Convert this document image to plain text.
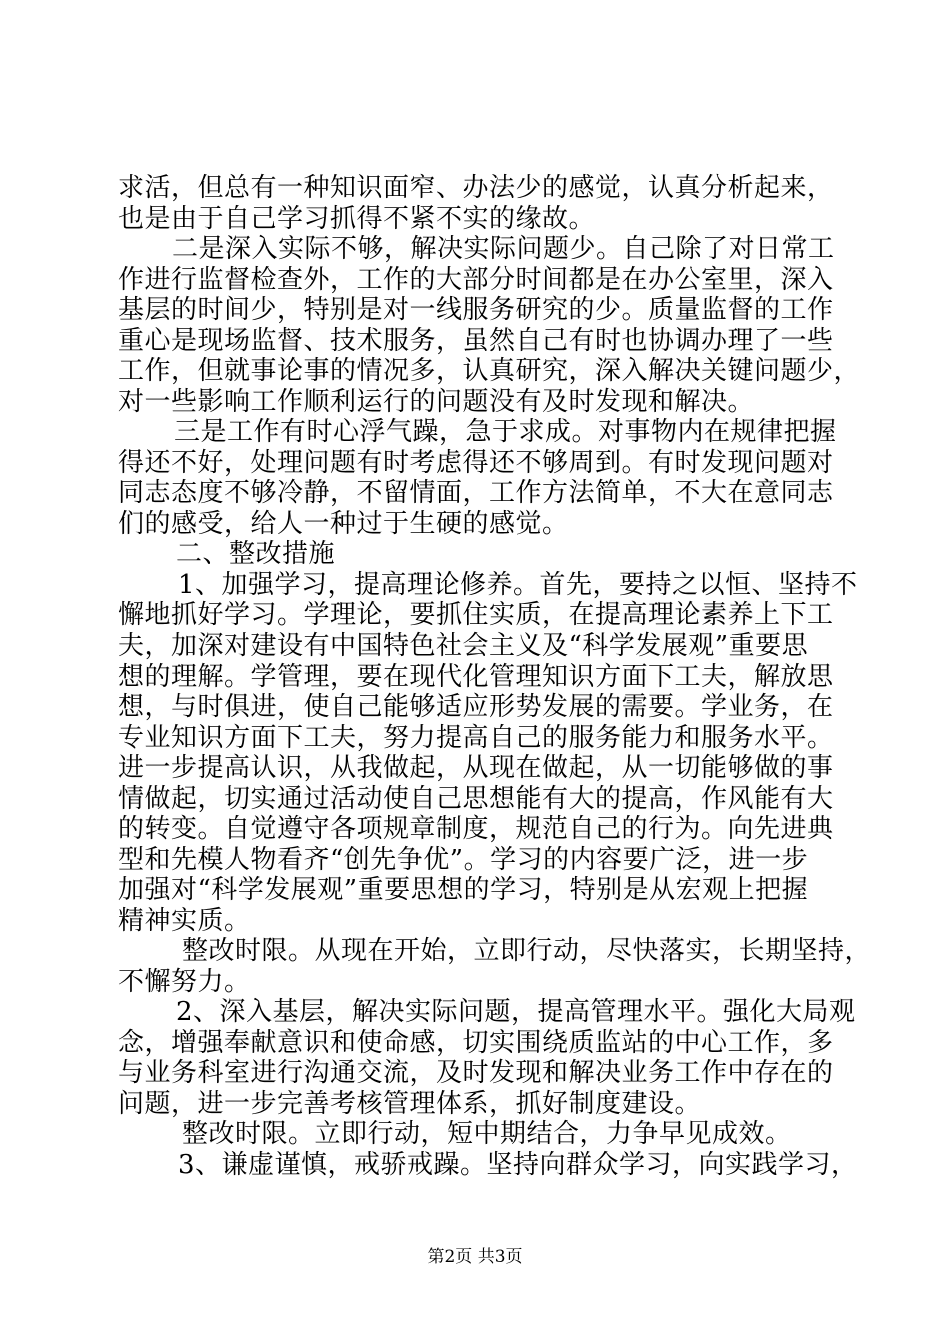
求活，但总有一种知识面窄、办法少的感觉，认真分析起来，
也是由于自己学习抓得不紧不实的缘故。
二是深入实际不够，解决实际问题少。自己除了对日常工
作进行监督检查外，工作的大部分时间都是在办公室里，深入
基层的时间少，特别是对一线服务研究的少。质量监督的工作
重心是现场监督、技术服务，虽然自己有时也协调办理了一些
工作，但就事论事的情况多，认真研究，深入解决关键问题少，
对一些影响工作顺利运行的问题没有及时发现和解决。
三是工作有时心浮气躁，急于求成。对事物内在规律把握
得还不好，处理问题有时考虑得还不够周到。有时发现问题对
同志态度不够冷静，不留情面，工作方法简单，不大在意同志
们的感受，给人一种过于生硬的感觉。
二、整改措施
1、加强学习，提高理论修养。首先，要持之以恒、坚持不
懈地抓好学习。学理论，要抓住实质，在提高理论素养上下工
夫，加深对建设有中国特色社会主义及“科学发展观”重要思
想的理解。学管理，要在现代化管理知识方面下工夫，解放思
想，与时俱进，使自己能够适应形势发展的需要。学业务，在
专业知识方面下工夫，努力提高自己的服务能力和服务水平。
进一步提高认识，从我做起，从现在做起，从一切能够做的事
情做起，切实通过活动使自己思想能有大的提高，作风能有大
的转变。自觉遵守各项规章制度，规范自己的行为。向先进典
型和先模人物看齐“创先争优”。学习的内容要广泛，进一步
加强对“科学发展观”重要思想的学习，特别是从宏观上把握
精神实质。
整改时限。从现在开始，立即行动，尽快落实，长期坚持，
不懈努力。
2、深入基层，解决实际问题，提高管理水平。强化大局观
念，增强奉献意识和使命感，切实围绕质监站的中心工作，多
与业务科室进行沟通交流，及时发现和解决业务工作中存在的
问题，进一步完善考核管理体系，抓好制度建设。
整改时限。立即行动，短中期结合，力争早见成效。
3、谦虚谨慎，戒骄戒躁。坚持向群众学习，向实践学习，
第2页 共3页
